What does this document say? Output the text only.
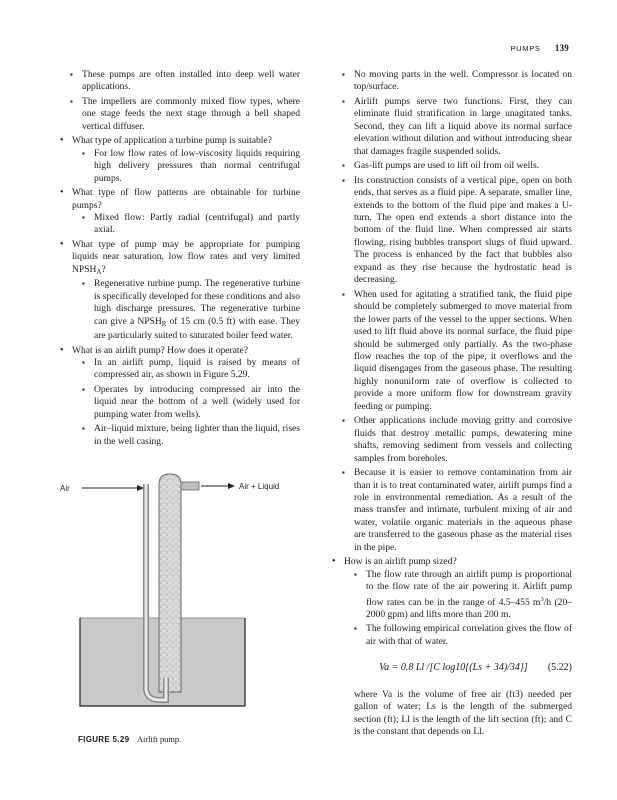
PUMPS 139
▪ These pumps are often installed into deep well water applications.
▪ The impellers are commonly mixed flow types, where one stage feeds the next stage through a bell shaped vertical diffuser.
• What type of application a turbine pump is suitable?
▪ For low flow rates of low-viscosity liquids requiring high delivery pressures than normal centrifugal pumps.
• What type of flow patterns are obtainable for turbine pumps?
▪ Mixed flow: Partly radial (centrifugal) and partly axial.
• What type of pump may be appropriate for pumping liquids near saturation, low flow rates and very limited $NPSH_A$?
▪ Regenerative turbine pump. The regenerative turbine is specifically developed for these conditions and also high discharge pressures. The regenerative turbine can give a $NPSH_R$ of 15 cm (0.5 ft) with ease. They are particularly suited to saturated boiler feed water.
• What is an airlift pump? How does it operate?
▪ In an airlift pump, liquid is raised by means of compressed air, as shown in Figure 5.29.
▪ Operates by introducing compressed air into the liquid near the bottom of a well (widely used for pumping water from wells).
▪ Air–liquid mixture, being lighter than the liquid, rises in the well casing.
Air	Air + Liquid
FIGURE 5.29 Airlift pump.
▪ No moving parts in the well. Compressor is located on top/surface.
▪ Airlift pumps serve two functions. First, they can eliminate fluid stratification in large unagitated tanks. Second, they can lift a liquid above its normal surface elevation without dilution and without introducing shear that damages fragile suspended solids.
▪ Gas-lift pumps are used to lift oil from oil wells.
▪ Its construction consists of a vertical pipe, open on both ends, that serves as a fluid pipe. A separate, smaller line, extends to the bottom of the fluid pipe and makes a U-turn. The open end extends a short distance into the bottom of the fluid line. When compressed air starts flowing, rising bubbles transport slugs of fluid upward. The process is enhanced by the fact that bubbles also expand as they rise because the hydrostatic head is decreasing.
▪ When used for agitating a stratified tank, the fluid pipe should be completely submerged to move material from the lower parts of the vessel to the upper sections. When used to lift fluid above its normal surface, the fluid pipe should be submerged only partially. As the two-phase flow reaches the top of the pipe, it overflows and the liquid disengages from the gaseous phase. The resulting highly nonuniform rate of overflow is collected to provide a more uniform flow for downstream gravity feeding or pumping.
▪ Other applications include moving gritty and corrosive fluids that destroy metallic pumps, dewatering mine shafts, removing sediment from vessels and collecting samples from boreholes.
▪ Because it is easier to remove contamination from air than it is to treat contaminated water, airlift pumps find a role in environmental remediation. As a result of the mass transfer and intimate, turbulent mixing of air and water, volatile organic materials in the aqueous phase are transferred to the gaseous phase as the material rises in the pipe.
• How is an airlift pump sized?
▪ The flow rate through an airlift pump is proportional to the flow rate of the air powering it. Airlift pump flow rates can be in the range of 4.5–455 $m^3/h$ (20–2000 gpm) and lifts more than 200 m.
▪ The following empirical correlation gives the flow of air with that of water.
Va = 0.8 Ll /[C log10{(Ls + 34)/34}] (5.22)
where Va is the volume of free air (ft3) needed per gallon of water; Ls is the length of the submerged section (ft); Ll is the length of the lift section (ft); and C is the constant that depends on Ll.
